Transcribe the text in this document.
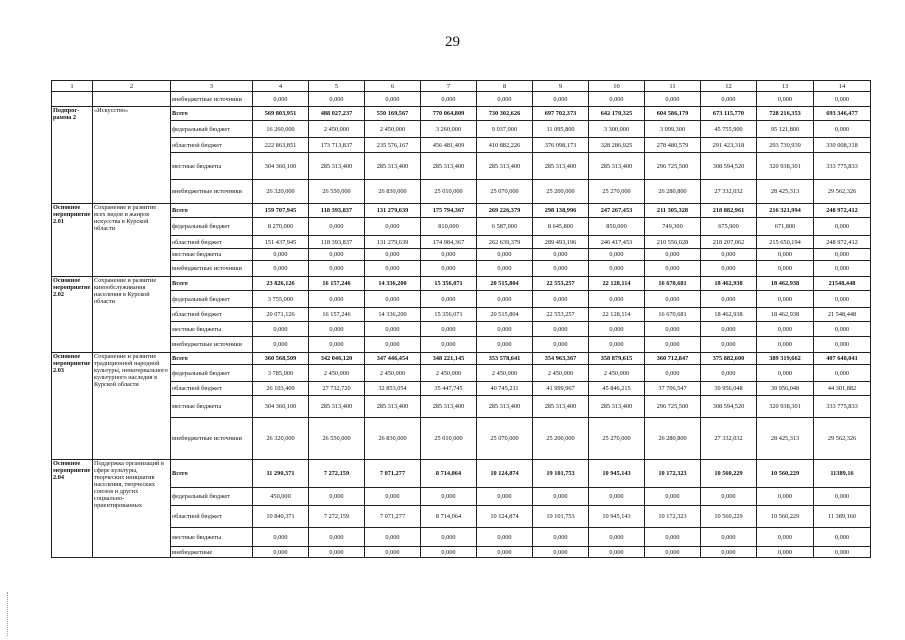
29
1	2	3	4	5	6	7	8	9	10	11	12	13	14
		внебюджетные источники	0,000	0,000	0,000	0,000	0,000	0,000	0,000	0,000	0,000	0,000	0,000
Подпрог-рамма 2	«Искусство»	Всего	569 803,951	488 027,237	550 169,567	770 064,809	730 302,626	697 702,373	642 170,325	604 586,179	673 115,770	728 216,353	693 346,477
		федеральный бюджет	16 260,000	2 450,000	2 450,000	3 260,000	9 037,000	11 095,800	3 300,000	3 099,300	45 755,900	95 121,800	0,000
		областной бюджет	222 863,851	173 713,837	235 576,167	456 481,409	410 882,226	376 098,173	328 286,925	278 480,579	291 423,318	293 730,939	330 008,318
		местные бюджеты	304 360,100	285 313,400	285 313,400	285 313,400	285 313,400	285 313,400	285 313,400	296 725,500	308 594,520	320 938,301	333 775,833
		внебюджетные источники	26 320,000	26 550,000	26 830,000	25 010,000	25 070,000	25 200,000	25 270,000	26 280,800	27 332,032	28 425,313	29 562,326
Основное мероприятие 2.01	Сохранение и развитие всех видов и жанров искусства в Курской области	Всего	159 707,945	118 393,837	131 279,639	175 794,367	269 226,379	298 138,996	247 267,453	211 305,328	218 882,961	216 321,994	248 972,412
		федеральный бюджет	8 270,000	0,000	0,000	810,000	6 587,000	8 645,800	850,000	749,300	675,900	671,800	0,000
		областной бюджет	151 437,945	118 393,837	131 279,639	174 984,367	262 639,379	289 493,196	246 417,453	210 556,028	218 207,062	215 650,194	248 972,412
		местные бюджеты	0,000	0,000	0,000	0,000	0,000	0,000	0,000	0,000	0,000	0,000	0,000
		внебюджетные источники	0,000	0,000	0,000	0,000	0,000	0,000	0,000	0,000	0,000	0,000	0,000
Основное мероприятие 2.02	Сохранение и развитие кинообслуживания населения в Курской области	Всего	23 826,126	16 157,246	14 336,200	15 356,071	20 515,804	22 553,257	22 128,114	16 670,681	18 462,938	18 462,938	21548,448
		федеральный бюджет	3 755,000	0,000	0,000	0,000	0,000	0,000	0,000	0,000	0,000	0,000	0,000
		областной бюджет	20 071,126	16 157,246	14 336,200	15 356,071	20 515,804	22 553,257	22 128,114	16 670,681	18 462,938	18 462,938	21 548,448
		местные бюджеты	0,000	0,000	0,000	0,000	0,000	0,000	0,000	0,000	0,000	0,000	0,000
		внебюджетные источники	0,000	0,000	0,000	0,000	0,000	0,000	0,000	0,000	0,000	0,000	0,000
Основное мероприятие 2.03	Сохранение и развитие традиционной народной культуры, нематериального культурного наследия в Курской области	Всего	360 568,509	342 046,120	347 446,454	348 221,145	353 578,641	354 963,367	358 879,615	360 712,847	375 882,600	389 319,662	407 640,041
		федеральный бюджет	3 785,000	2 450,000	2 450,000	2 450,000	2 450,000	2 450,000	2 450,000	0,000	0,000	0,000	0,000
		областной бюджет	26 103,409	27 732,720	32 853,054	35 447,745	40 745,211	41 999,967	45 846,215	37 706,547	39 956,048	39 956,048	44 301,882
		местные бюджеты	304 360,100	285 313,400	285 313,400	285 313,400	285 313,400	285 313,400	285 313,400	296 725,500	308 594,520	320 938,301	333 775,833
		внебюджетные источники	26 320,000	26 550,000	26 830,000	25 010,000	25 070,000	25 200,000	25 270,000	26 280,800	27 332,032	28 425,313	29 562,326
Основное мероприятие 2.04	Поддержка организаций в сфере культуры, творческих инициатив населения, творческих союзов и других социально-ориентированных	Всего	11 290,371	7 272,159	7 071,277	8 714,064	10 124,874	19 101,753	10 945,143	10 172,323	10 560,229	10 560,229	11389,16
		федеральный бюджет	450,000	0,000	0,000	0,000	0,000	0,000	0,000	0,000	0,000	0,000	0,000
		областной бюджет	10 840,371	7 272,159	7 071,277	8 714,064	10 124,874	19 101,753	10 945,143	10 172,323	10 560,229	10 560,229	11 389,160
		местные бюджеты	0,000	0,000	0,000	0,000	0,000	0,000	0,000	0,000	0,000	0,000	0,000
		внебюджетные	0,000	0,000	0,000	0,000	0,000	0,000	0,000	0,000	0,000	0,000	0,000
